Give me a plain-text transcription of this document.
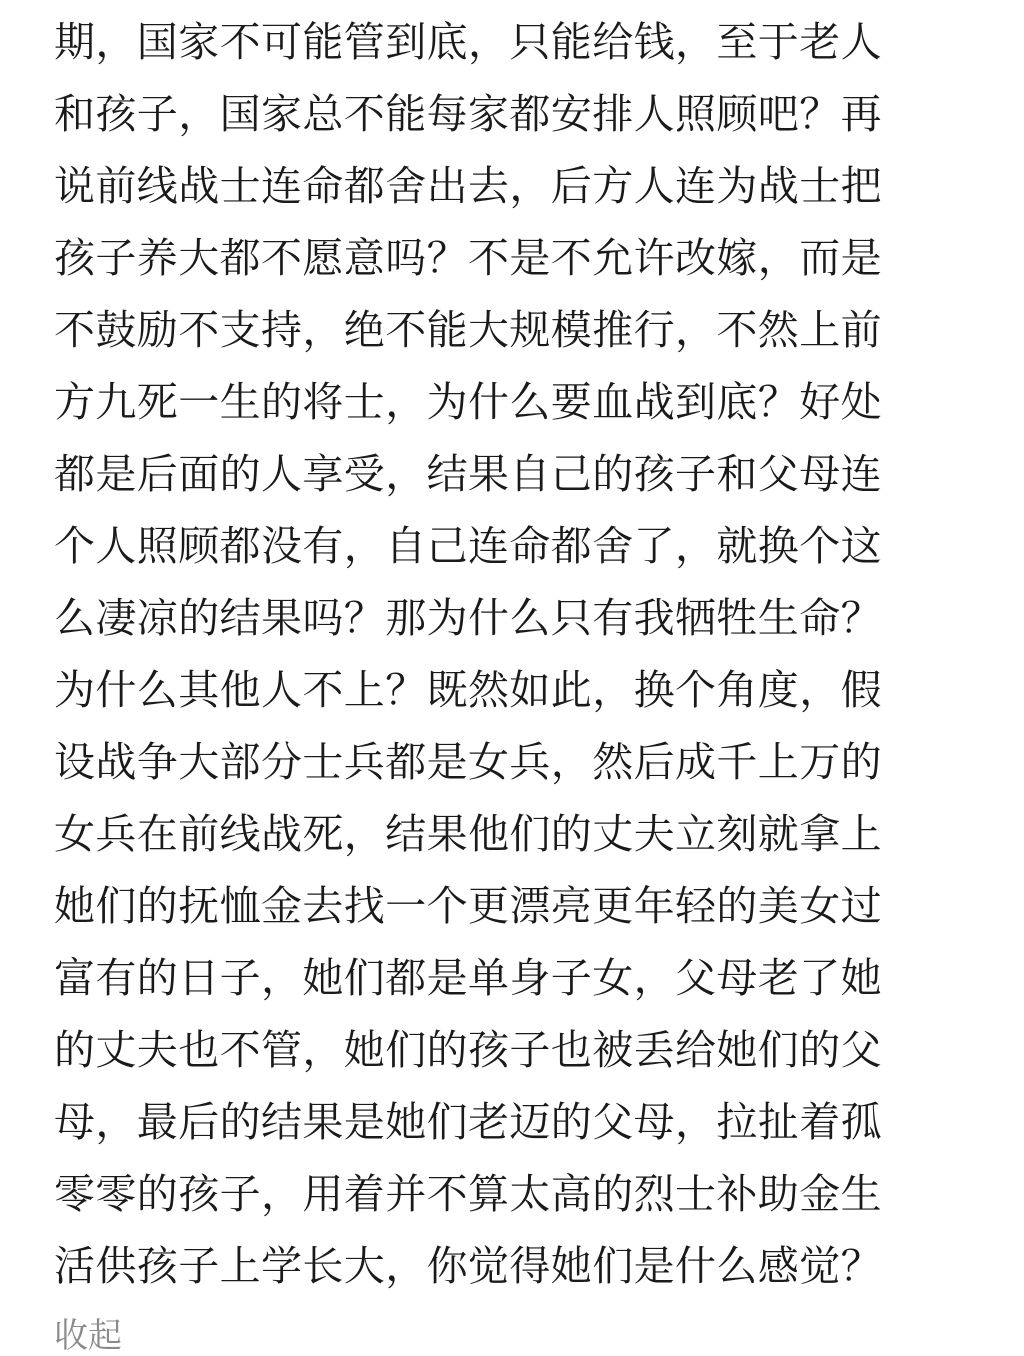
期，国家不可能管到底，只能给钱，至于老人
和孩子，国家总不能每家都安排人照顾吧？再
说前线战士连命都舍出去，后方人连为战士把
孩子养大都不愿意吗？不是不允许改嫁，而是
不鼓励不支持，绝不能大规模推行，不然上前
方九死一生的将士，为什么要血战到底？好处
都是后面的人享受，结果自己的孩子和父母连
个人照顾都没有，自己连命都舍了，就换个这
么凄凉的结果吗？那为什么只有我牺牲生命？
为什么其他人不上？既然如此，换个角度，假
设战争大部分士兵都是女兵，然后成千上万的
女兵在前线战死，结果他们的丈夫立刻就拿上
她们的抚恤金去找一个更漂亮更年轻的美女过
富有的日子，她们都是单身子女，父母老了她
的丈夫也不管，她们的孩子也被丢给她们的父
母，最后的结果是她们老迈的父母，拉扯着孤
零零的孩子，用着并不算太高的烈士补助金生
活供孩子上学长大，你觉得她们是什么感觉？
收起
